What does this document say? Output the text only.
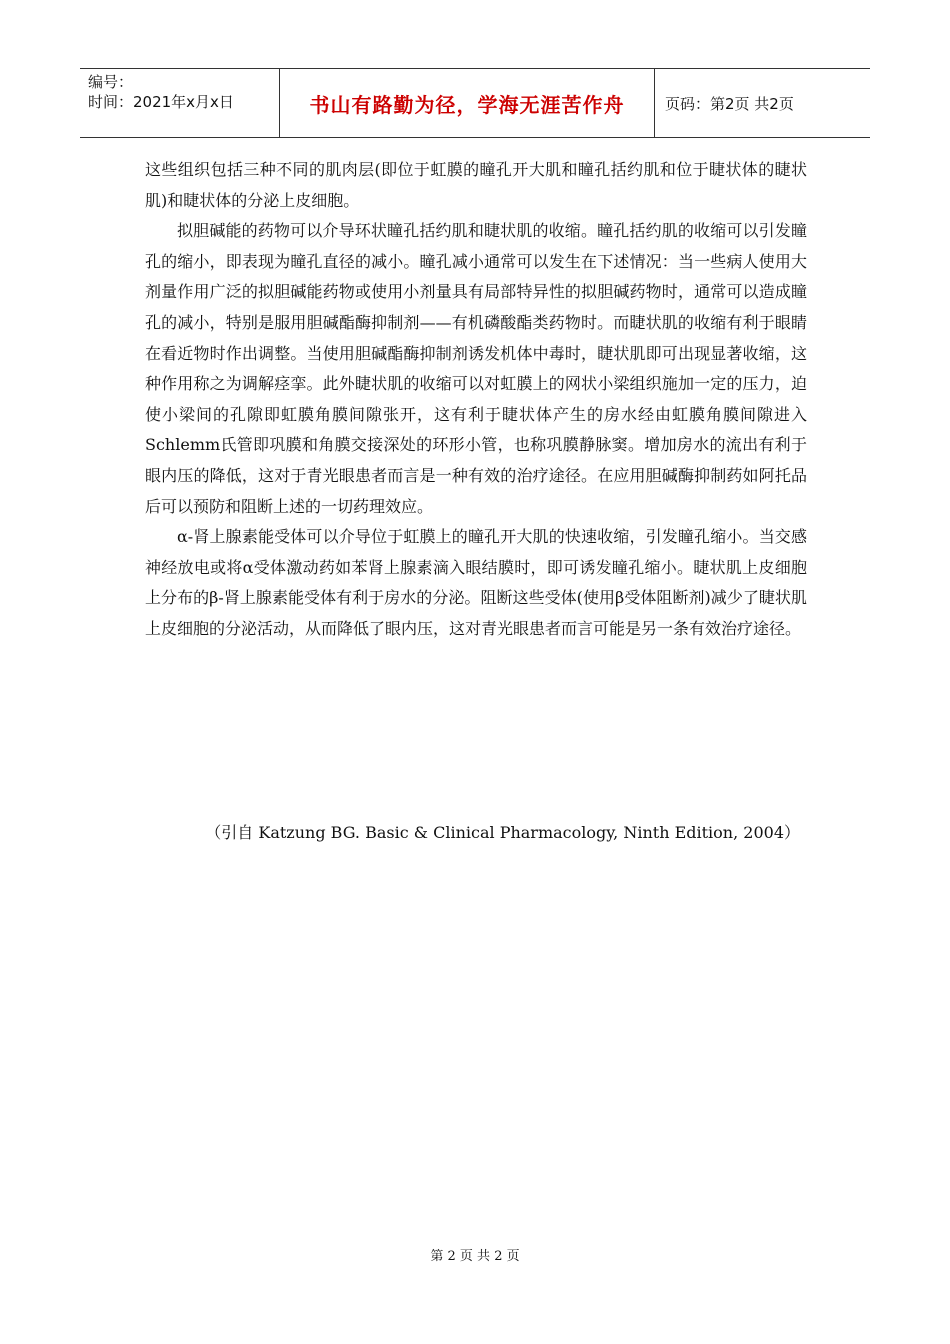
编号：
时间：2021年x月x日	书山有路勤为径，学海无涯苦作舟	页码：第2页 共2页

这些组织包括三种不同的肌肉层(即位于虹膜的瞳孔开大肌和瞳孔括约肌和位于睫状体的睫状肌)和睫状体的分泌上皮细胞。

拟胆碱能的药物可以介导环状瞳孔括约肌和睫状肌的收缩。瞳孔括约肌的收缩可以引发瞳孔的缩小，即表现为瞳孔直径的减小。瞳孔减小通常可以发生在下述情况：当一些病人使用大剂量作用广泛的拟胆碱能药物或使用小剂量具有局部特异性的拟胆碱药物时，通常可以造成瞳孔的减小，特别是服用胆碱酯酶抑制剂——有机磷酸酯类药物时。而睫状肌的收缩有利于眼睛在看近物时作出调整。当使用胆碱酯酶抑制剂诱发机体中毒时，睫状肌即可出现显著收缩，这种作用称之为调解痉挛。此外睫状肌的收缩可以对虹膜上的网状小梁组织施加一定的压力，迫使小梁间的孔隙即虹膜角膜间隙张开，这有利于睫状体产生的房水经由虹膜角膜间隙进入Schlemm氏管即巩膜和角膜交接深处的环形小管，也称巩膜静脉窦。增加房水的流出有利于眼内压的降低，这对于青光眼患者而言是一种有效的治疗途径。在应用胆碱酶抑制药如阿托品后可以预防和阻断上述的一切药理效应。

α-肾上腺素能受体可以介导位于虹膜上的瞳孔开大肌的快速收缩，引发瞳孔缩小。当交感神经放电或将α受体激动药如苯肾上腺素滴入眼结膜时，即可诱发瞳孔缩小。睫状肌上皮细胞上分布的β-肾上腺素能受体有利于房水的分泌。阻断这些受体(使用β受体阻断剂)减少了睫状肌上皮细胞的分泌活动，从而降低了眼内压，这对青光眼患者而言可能是另一条有效治疗途径。

（引自 Katzung BG. Basic & Clinical Pharmacology, Ninth Edition, 2004）
第 2 页 共 2 页
